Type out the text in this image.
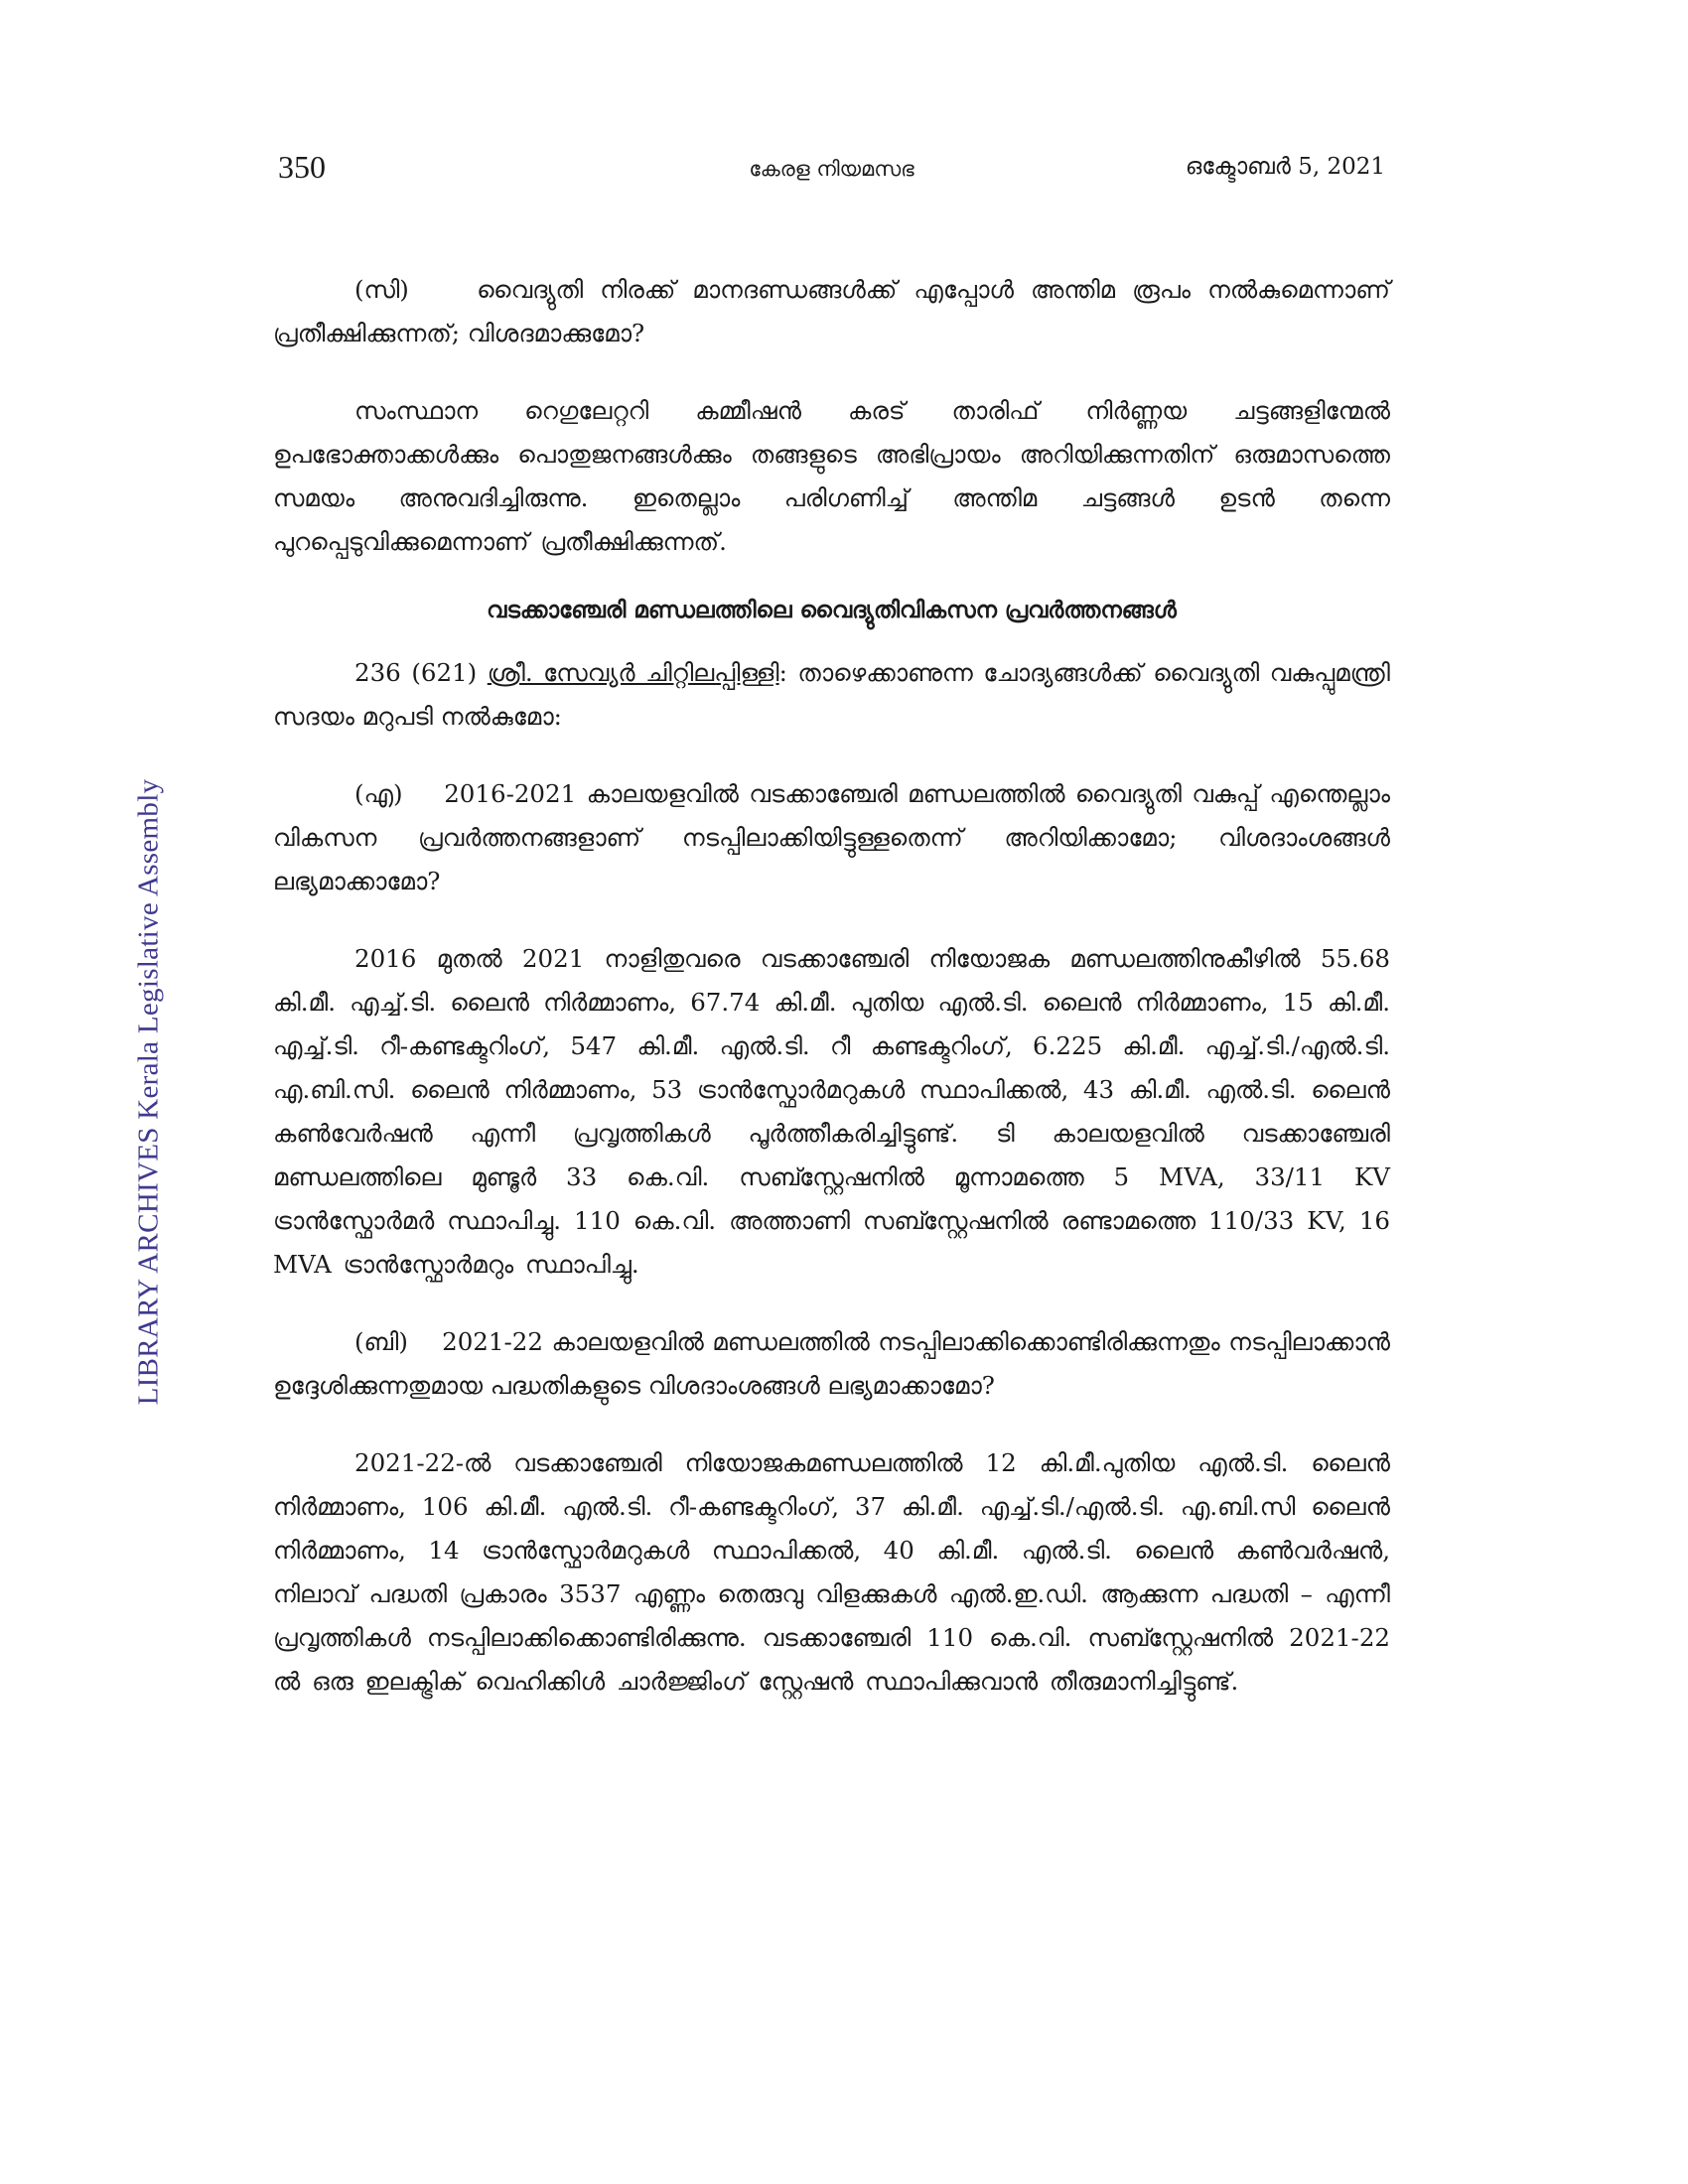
LIBRARY ARCHIVES Kerala Legislative Assembly
350	കേരള നിയമസഭ	ഒക്ടോബർ 5, 2021

(സി)	വൈദ്യുതി നിരക്ക് മാനദണ്ഡങ്ങൾക്ക് എപ്പോൾ അന്തിമ രൂപം നൽകുമെന്നാണ് പ്രതീക്ഷിക്കുന്നത്; വിശദമാക്കുമോ?

സംസ്ഥാന റെഗുലേറ്ററി കമ്മീഷൻ കരട് താരിഫ് നിർണ്ണയ ചട്ടങ്ങളിന്മേൽ ഉപഭോക്താക്കൾക്കും പൊതുജനങ്ങൾക്കും തങ്ങളുടെ അഭിപ്രായം അറിയിക്കുന്നതിന് ഒരുമാസത്തെ സമയം അനുവദിച്ചിരുന്നു. ഇതെല്ലാം പരിഗണിച്ച് അന്തിമ ചട്ടങ്ങൾ ഉടൻ തന്നെ പുറപ്പെടുവിക്കുമെന്നാണ് പ്രതീക്ഷിക്കുന്നത്.

വടക്കാഞ്ചേരി മണ്ഡലത്തിലെ വൈദ്യുതിവികസന പ്രവർത്തനങ്ങൾ

236 (621) ശ്രീ. സേവ്യർ ചിറ്റിലപ്പിള്ളി: താഴെക്കാണുന്ന ചോദ്യങ്ങൾക്ക് വൈദ്യുതി വകുപ്പുമന്ത്രി സദയം മറുപടി നൽകുമോ:

(എ) 2016-2021 കാലയളവിൽ വടക്കാഞ്ചേരി മണ്ഡലത്തിൽ വൈദ്യുതി വകുപ്പ് എന്തെല്ലാം വികസന പ്രവർത്തനങ്ങളാണ് നടപ്പിലാക്കിയിട്ടുള്ളതെന്ന് അറിയിക്കാമോ; വിശദാംശങ്ങൾ ലഭ്യമാക്കാമോ?

2016 മുതൽ 2021 നാളിതുവരെ വടക്കാഞ്ചേരി നിയോജക മണ്ഡലത്തിനുകീഴിൽ 55.68 കി.മീ. എച്ച്.ടി. ലൈൻ നിർമ്മാണം, 67.74 കി.മീ. പുതിയ എൽ.ടി. ലൈൻ നിർമ്മാണം, 15 കി.മീ. എച്ച്.ടി. റീ-കണ്ടക്ടറിംഗ്, 547 കി.മീ. എൽ.ടി. റീ കണ്ടക്ടറിംഗ്, 6.225 കി.മീ. എച്ച്.ടി./എൽ.ടി. എ.ബി.സി. ലൈൻ നിർമ്മാണം, 53 ട്രാൻസ്ഫോർമറുകൾ സ്ഥാപിക്കൽ, 43 കി.മീ. എൽ.ടി. ലൈൻ കൺവേർഷൻ എന്നീ പ്രവൃത്തികൾ പൂർത്തീകരിച്ചിട്ടുണ്ട്. ടി കാലയളവിൽ വടക്കാഞ്ചേരി മണ്ഡലത്തിലെ മുണ്ടൂർ 33 കെ.വി. സബ്സ്റ്റേഷനിൽ മൂന്നാമത്തെ 5 MVA, 33/11 KV ട്രാൻസ്ഫോർമർ സ്ഥാപിച്ചു. 110 കെ.വി. അത്താണി സബ്സ്റ്റേഷനിൽ രണ്ടാമത്തെ 110/33 KV, 16 MVA ട്രാൻസ്ഫോർമറും സ്ഥാപിച്ചു.

(ബി) 2021-22 കാലയളവിൽ മണ്ഡലത്തിൽ നടപ്പിലാക്കിക്കൊണ്ടിരിക്കുന്നതും നടപ്പിലാക്കാൻ ഉദ്ദേശിക്കുന്നതുമായ പദ്ധതികളുടെ വിശദാംശങ്ങൾ ലഭ്യമാക്കാമോ?

2021-22-ൽ വടക്കാഞ്ചേരി നിയോജകമണ്ഡലത്തിൽ 12 കി.മീ.പുതിയ എൽ.ടി. ലൈൻ നിർമ്മാണം, 106 കി.മീ. എൽ.ടി. റീ-കണ്ടക്ടറിംഗ്, 37 കി.മീ. എച്ച്.ടി./എൽ.ടി. എ.ബി.സി ലൈൻ നിർമ്മാണം, 14 ട്രാൻസ്ഫോർമറുകൾ സ്ഥാപിക്കൽ, 40 കി.മീ. എൽ.ടി. ലൈൻ കൺവർഷൻ, നിലാവ് പദ്ധതി പ്രകാരം 3537 എണ്ണം തെരുവു വിളക്കുകൾ എൽ.ഇ.ഡി. ആക്കുന്ന പദ്ധതി – എന്നീ പ്രവൃത്തികൾ നടപ്പിലാക്കിക്കൊണ്ടിരിക്കുന്നു. വടക്കാഞ്ചേരി 110 കെ.വി. സബ്സ്റ്റേഷനിൽ 2021-22 ൽ ഒരു ഇലക്ട്രിക് വെഹിക്കിൾ ചാർജ്ജിംഗ് സ്റ്റേഷൻ സ്ഥാപിക്കുവാൻ തീരുമാനിച്ചിട്ടുണ്ട്.
